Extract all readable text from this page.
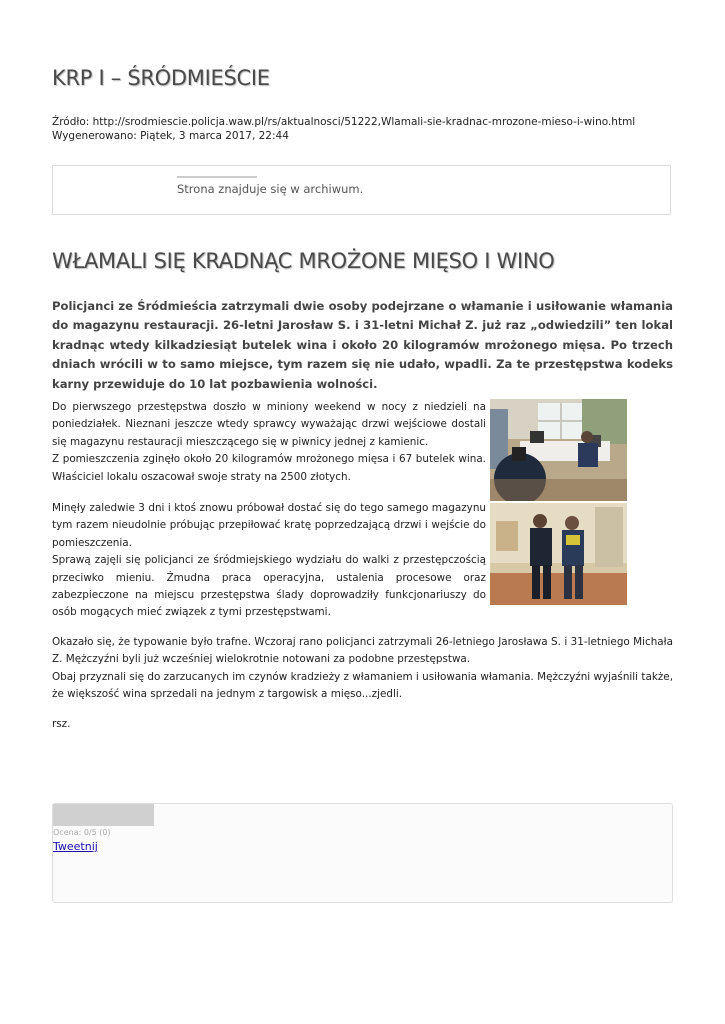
KRP I – ŚRÓDMIEŚCIE
Źródło: http://srodmiescie.policja.waw.pl/rs/aktualnosci/51222,Wlamali-sie-kradnac-mrozone-mieso-i-wino.html
Wygenerowano: Piątek, 3 marca 2017, 22:44
Strona znajduje się w archiwum.
WŁAMALI SIĘ KRADNĄC MROŻONE MIĘSO I WINO

Policjanci ze Śródmieścia zatrzymali dwie osoby podejrzane o włamanie i usiłowanie włamania do magazynu restauracji. 26-letni Jarosław S. i 31-letni Michał Z. już raz „odwiedzili” ten lokal kradnąc wtedy kilkadziesiąt butelek wina i około 20 kilogramów mrożonego mięsa. Po trzech dniach wrócili w to samo miejsce, tym razem się nie udało, wpadli. Za te przestępstwa kodeks karny przewiduje do 10 lat pozbawienia wolności.

Do pierwszego przestępstwa doszło w miniony weekend w nocy z niedzieli na poniedziałek. Nieznani jeszcze wtedy sprawcy wyważając drzwi wejściowe dostali się magazynu restauracji mieszczącego się w piwnicy jednej z kamienic.
Z pomieszczenia zginęło około 20 kilogramów mrożonego mięsa i 67 butelek wina. Właściciel lokalu oszacował swoje straty na 2500 złotych.
Minęły zaledwie 3 dni i ktoś znowu próbował dostać się do tego samego magazynu tym razem nieudolnie próbując przepiłować kratę poprzedzającą drzwi i wejście do pomieszczenia.
Sprawą zajęli się policjanci ze śródmiejskiego wydziału do walki z przestępczością przeciwko mieniu. Żmudna praca operacyjna, ustalenia procesowe oraz zabezpieczone na miejscu przestępstwa ślady doprowadziły funkcjonariuszy do osób mogących mieć związek z tymi przestępstwami.
Okazało się, że typowanie było trafne. Wczoraj rano policjanci zatrzymali 26-letniego Jarosława S. i 31-letniego Michała Z. Mężczyźni byli już wcześniej wielokrotnie notowani za podobne przestępstwa.
Obaj przyznali się do zarzucanych im czynów kradzieży z włamaniem i usiłowania włamania. Mężczyźni wyjaśnili także, że większość wina sprzedali na jednym z targowisk a mięso...zjedli.
rsz.
Ocena: 0/5 (0)
Tweetnij
